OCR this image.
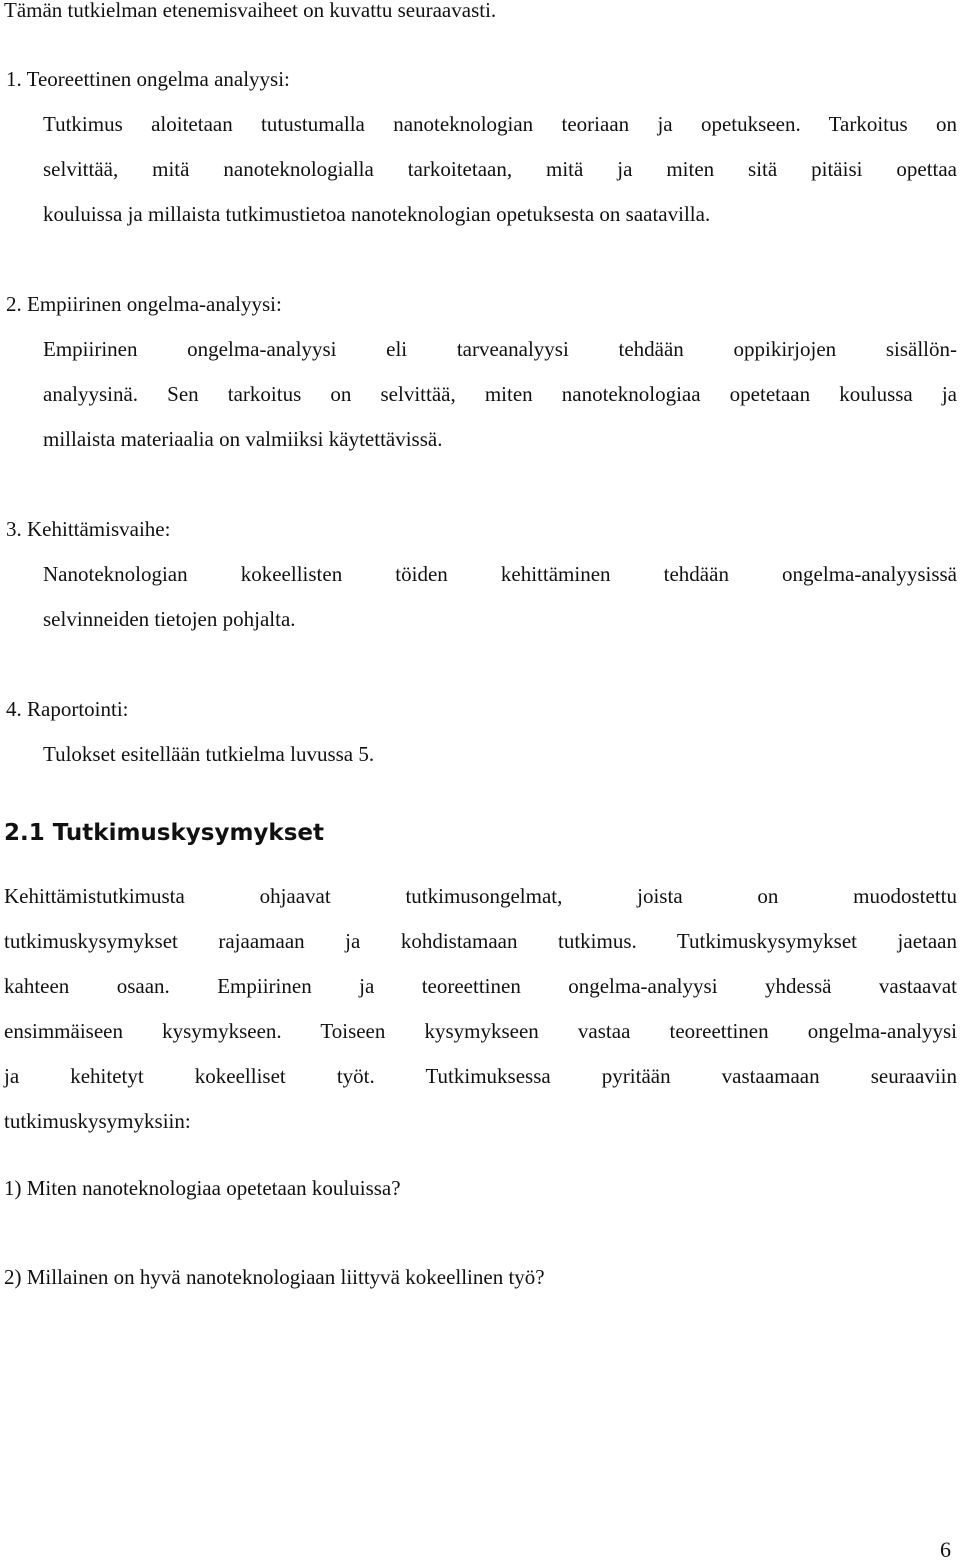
Tämän tutkielman etenemisvaiheet on kuvattu seuraavasti.

1. Teoreettinen ongelma analyysi:

Tutkimus aloitetaan tutustumalla nanoteknologian teoriaan ja opetukseen. Tarkoitus on

selvittää, mitä nanoteknologialla tarkoitetaan, mitä ja miten sitä pitäisi opettaa

kouluissa ja millaista tutkimustietoa nanoteknologian opetuksesta on saatavilla.

2. Empiirinen ongelma-analyysi:

Empiirinen ongelma-analyysi eli tarveanalyysi tehdään oppikirjojen sisällön-

analyysinä. Sen tarkoitus on selvittää, miten nanoteknologiaa opetetaan koulussa ja

millaista materiaalia on valmiiksi käytettävissä.

3. Kehittämisvaihe:

Nanoteknologian kokeellisten töiden kehittäminen tehdään ongelma-analyysissä

selvinneiden tietojen pohjalta.

4. Raportointi:

Tulokset esitellään tutkielma luvussa 5.

2.1 Tutkimuskysymykset

Kehittämistutkimusta ohjaavat tutkimusongelmat, joista on muodostettu

tutkimuskysymykset rajaamaan ja kohdistamaan tutkimus. Tutkimuskysymykset jaetaan

kahteen osaan. Empiirinen ja teoreettinen ongelma-analyysi yhdessä vastaavat

ensimmäiseen kysymykseen. Toiseen kysymykseen vastaa teoreettinen ongelma-analyysi

ja kehitetyt kokeelliset työt. Tutkimuksessa pyritään vastaamaan seuraaviin

tutkimuskysymyksiin:

1) Miten nanoteknologiaa opetetaan kouluissa?

2) Millainen on hyvä nanoteknologiaan liittyvä kokeellinen työ?

6
